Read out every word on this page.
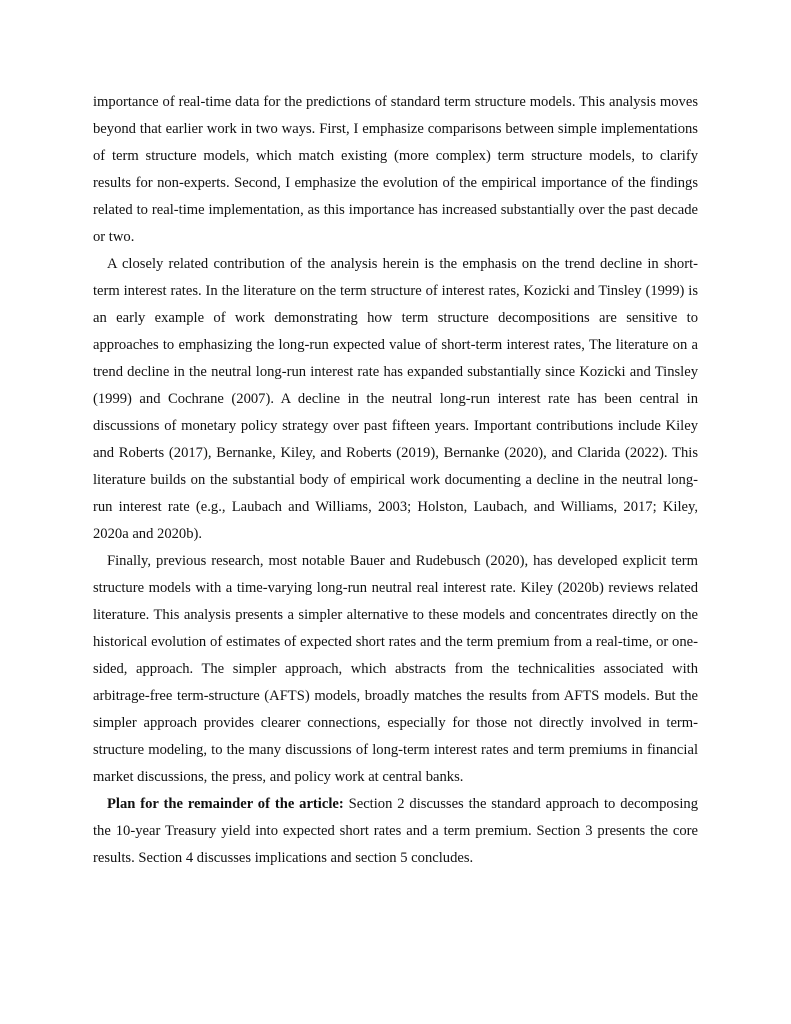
importance of real-time data for the predictions of standard term structure models. This analysis moves beyond that earlier work in two ways. First, I emphasize comparisons between simple implementations of term structure models, which match existing (more complex) term structure models, to clarify results for non-experts. Second, I emphasize the evolution of the empirical importance of the findings related to real-time implementation, as this importance has increased substantially over the past decade or two.

A closely related contribution of the analysis herein is the emphasis on the trend decline in short-term interest rates. In the literature on the term structure of interest rates, Kozicki and Tinsley (1999) is an early example of work demonstrating how term structure decompositions are sensitive to approaches to emphasizing the long-run expected value of short-term interest rates, The literature on a trend decline in the neutral long-run interest rate has expanded substantially since Kozicki and Tinsley (1999) and Cochrane (2007). A decline in the neutral long-run interest rate has been central in discussions of monetary policy strategy over past fifteen years. Important contributions include Kiley and Roberts (2017), Bernanke, Kiley, and Roberts (2019), Bernanke (2020), and Clarida (2022). This literature builds on the substantial body of empirical work documenting a decline in the neutral long-run interest rate (e.g., Laubach and Williams, 2003; Holston, Laubach, and Williams, 2017; Kiley, 2020a and 2020b).

Finally, previous research, most notable Bauer and Rudebusch (2020), has developed explicit term structure models with a time-varying long-run neutral real interest rate. Kiley (2020b) reviews related literature. This analysis presents a simpler alternative to these models and concentrates directly on the historical evolution of estimates of expected short rates and the term premium from a real-time, or one-sided, approach. The simpler approach, which abstracts from the technicalities associated with arbitrage-free term-structure (AFTS) models, broadly matches the results from AFTS models. But the simpler approach provides clearer connections, especially for those not directly involved in term-structure modeling, to the many discussions of long-term interest rates and term premiums in financial market discussions, the press, and policy work at central banks.

Plan for the remainder of the article: Section 2 discusses the standard approach to decomposing the 10-year Treasury yield into expected short rates and a term premium. Section 3 presents the core results. Section 4 discusses implications and section 5 concludes.
